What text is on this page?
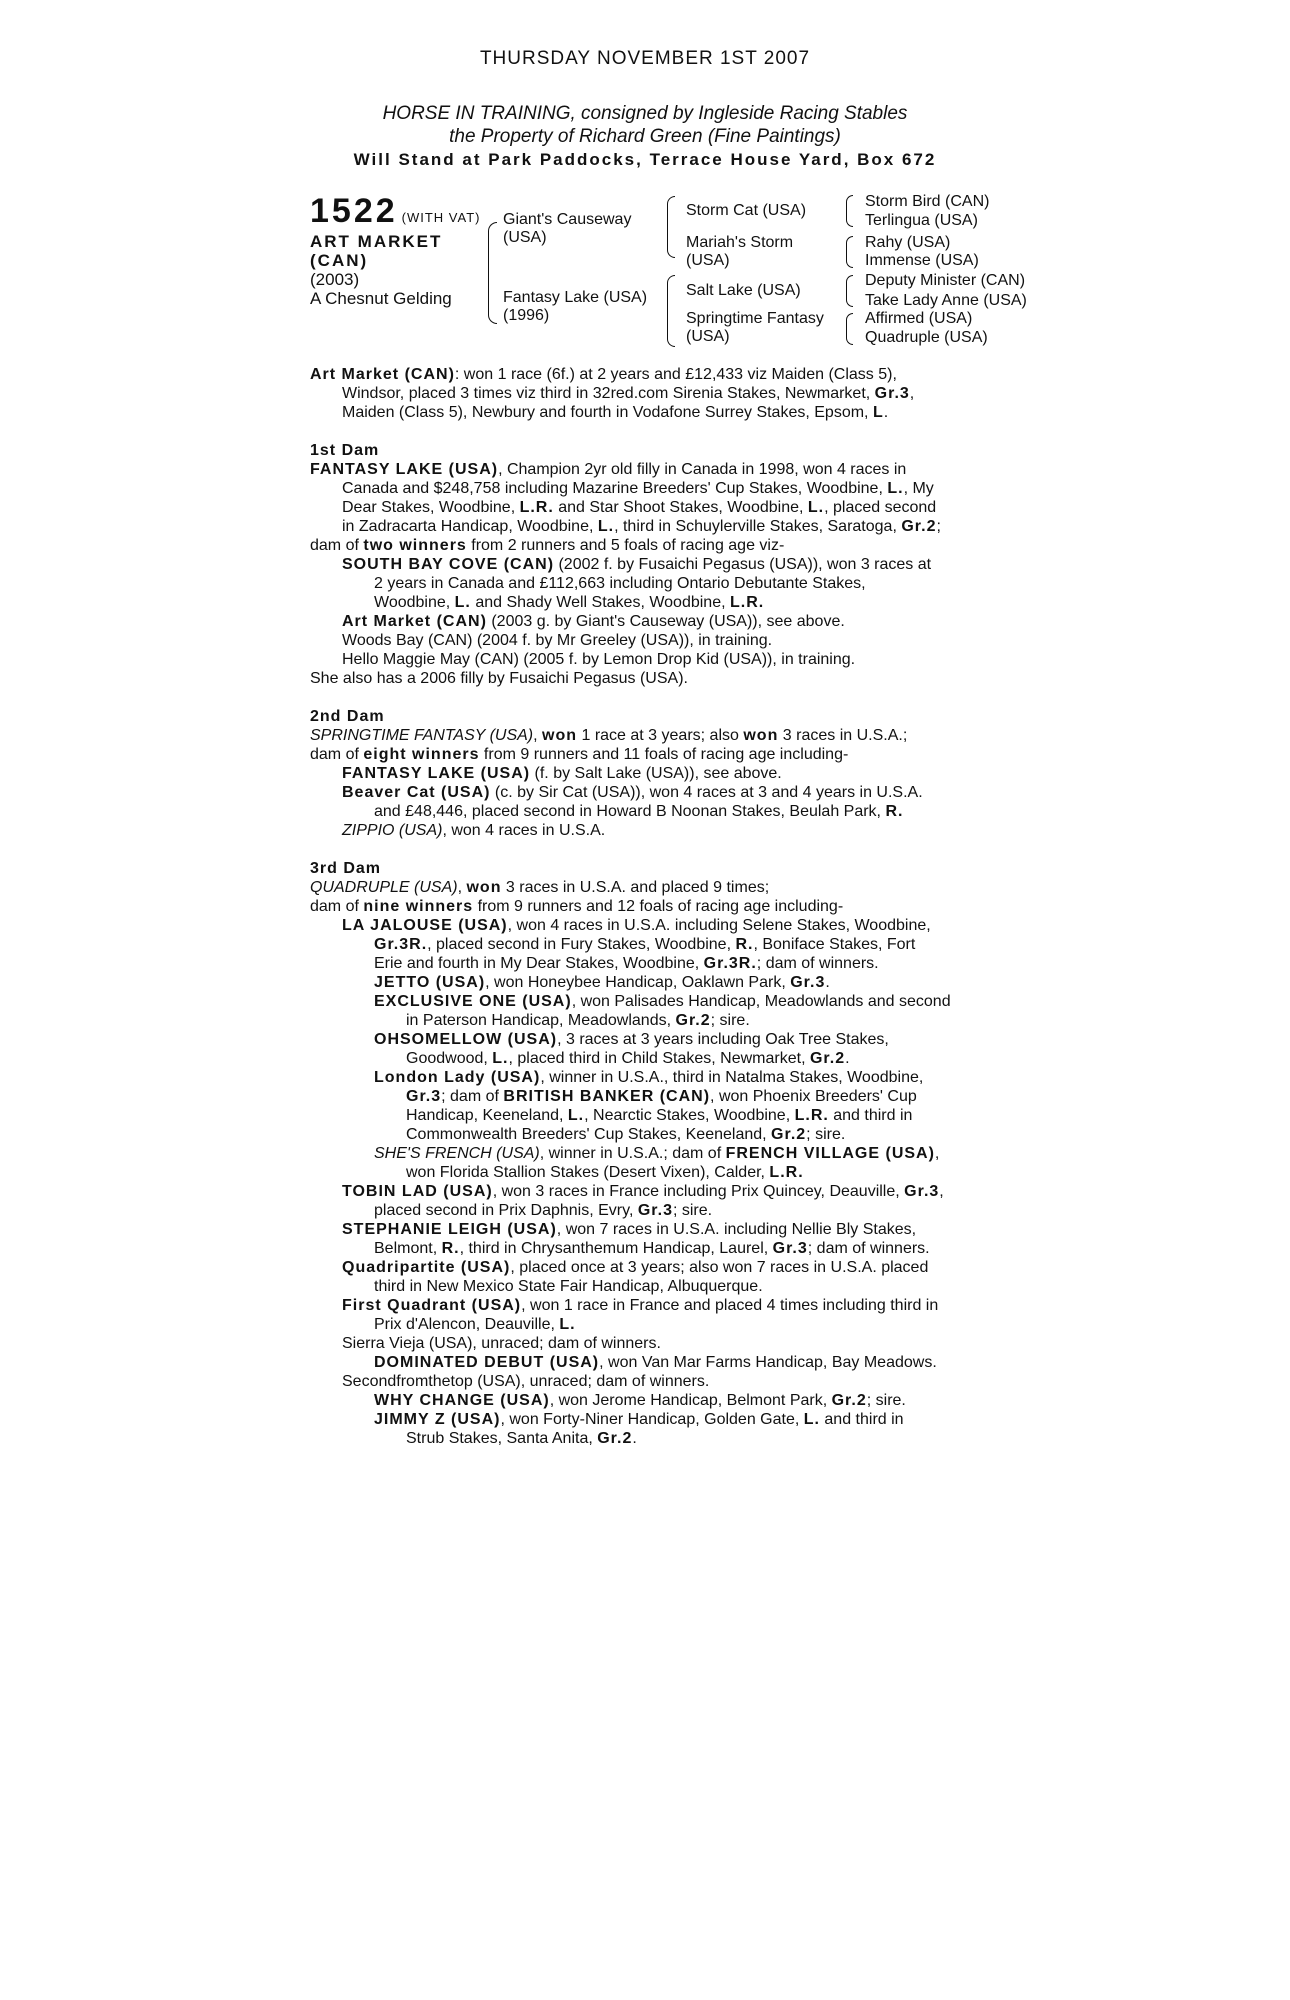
THURSDAY NOVEMBER 1ST 2007
HORSE IN TRAINING, consigned by Ingleside Racing Stables
the Property of Richard Green (Fine Paintings)
Will Stand at Park Paddocks, Terrace House Yard, Box 672
1522 (WITH VAT)
ART MARKET
(CAN)
(2003)
A Chesnut Gelding
Giant's Causeway
(USA)
Fantasy Lake (USA)
(1996)
Storm Cat (USA)
Mariah's Storm
(USA)
Salt Lake (USA)
Springtime Fantasy
(USA)
Storm Bird (CAN)
Terlingua (USA)
Rahy (USA)
Immense (USA)
Deputy Minister (CAN)
Take Lady Anne (USA)
Affirmed (USA)
Quadruple (USA)
Art Market (CAN): won 1 race (6f.) at 2 years and £12,433 viz Maiden (Class 5),
Windsor, placed 3 times viz third in 32red.com Sirenia Stakes, Newmarket, Gr.3,
Maiden (Class 5), Newbury and fourth in Vodafone Surrey Stakes, Epsom, L.
1st Dam
FANTASY LAKE (USA), Champion 2yr old filly in Canada in 1998, won 4 races in
Canada and $248,758 including Mazarine Breeders' Cup Stakes, Woodbine, L., My
Dear Stakes, Woodbine, L.R. and Star Shoot Stakes, Woodbine, L., placed second
in Zadracarta Handicap, Woodbine, L., third in Schuylerville Stakes, Saratoga, Gr.2;
dam of two winners from 2 runners and 5 foals of racing age viz-
SOUTH BAY COVE (CAN) (2002 f. by Fusaichi Pegasus (USA)), won 3 races at
2 years in Canada and £112,663 including Ontario Debutante Stakes,
Woodbine, L. and Shady Well Stakes, Woodbine, L.R.
Art Market (CAN) (2003 g. by Giant's Causeway (USA)), see above.
Woods Bay (CAN) (2004 f. by Mr Greeley (USA)), in training.
Hello Maggie May (CAN) (2005 f. by Lemon Drop Kid (USA)), in training.
She also has a 2006 filly by Fusaichi Pegasus (USA).
2nd Dam
SPRINGTIME FANTASY (USA), won 1 race at 3 years; also won 3 races in U.S.A.;
dam of eight winners from 9 runners and 11 foals of racing age including-
FANTASY LAKE (USA) (f. by Salt Lake (USA)), see above.
Beaver Cat (USA) (c. by Sir Cat (USA)), won 4 races at 3 and 4 years in U.S.A.
and £48,446, placed second in Howard B Noonan Stakes, Beulah Park, R.
ZIPPIO (USA), won 4 races in U.S.A.
3rd Dam
QUADRUPLE (USA), won 3 races in U.S.A. and placed 9 times;
dam of nine winners from 9 runners and 12 foals of racing age including-
LA JALOUSE (USA), won 4 races in U.S.A. including Selene Stakes, Woodbine,
Gr.3R., placed second in Fury Stakes, Woodbine, R., Boniface Stakes, Fort
Erie and fourth in My Dear Stakes, Woodbine, Gr.3R.; dam of winners.
JETTO (USA), won Honeybee Handicap, Oaklawn Park, Gr.3.
EXCLUSIVE ONE (USA), won Palisades Handicap, Meadowlands and second
in Paterson Handicap, Meadowlands, Gr.2; sire.
OHSOMELLOW (USA), 3 races at 3 years including Oak Tree Stakes,
Goodwood, L., placed third in Child Stakes, Newmarket, Gr.2.
London Lady (USA), winner in U.S.A., third in Natalma Stakes, Woodbine,
Gr.3; dam of BRITISH BANKER (CAN), won Phoenix Breeders' Cup
Handicap, Keeneland, L., Nearctic Stakes, Woodbine, L.R. and third in
Commonwealth Breeders' Cup Stakes, Keeneland, Gr.2; sire.
SHE'S FRENCH (USA), winner in U.S.A.; dam of FRENCH VILLAGE (USA),
won Florida Stallion Stakes (Desert Vixen), Calder, L.R.
TOBIN LAD (USA), won 3 races in France including Prix Quincey, Deauville, Gr.3,
placed second in Prix Daphnis, Evry, Gr.3; sire.
STEPHANIE LEIGH (USA), won 7 races in U.S.A. including Nellie Bly Stakes,
Belmont, R., third in Chrysanthemum Handicap, Laurel, Gr.3; dam of winners.
Quadripartite (USA), placed once at 3 years; also won 7 races in U.S.A. placed
third in New Mexico State Fair Handicap, Albuquerque.
First Quadrant (USA), won 1 race in France and placed 4 times including third in
Prix d'Alencon, Deauville, L.
Sierra Vieja (USA), unraced; dam of winners.
DOMINATED DEBUT (USA), won Van Mar Farms Handicap, Bay Meadows.
Secondfromthetop (USA), unraced; dam of winners.
WHY CHANGE (USA), won Jerome Handicap, Belmont Park, Gr.2; sire.
JIMMY Z (USA), won Forty-Niner Handicap, Golden Gate, L. and third in
Strub Stakes, Santa Anita, Gr.2.
